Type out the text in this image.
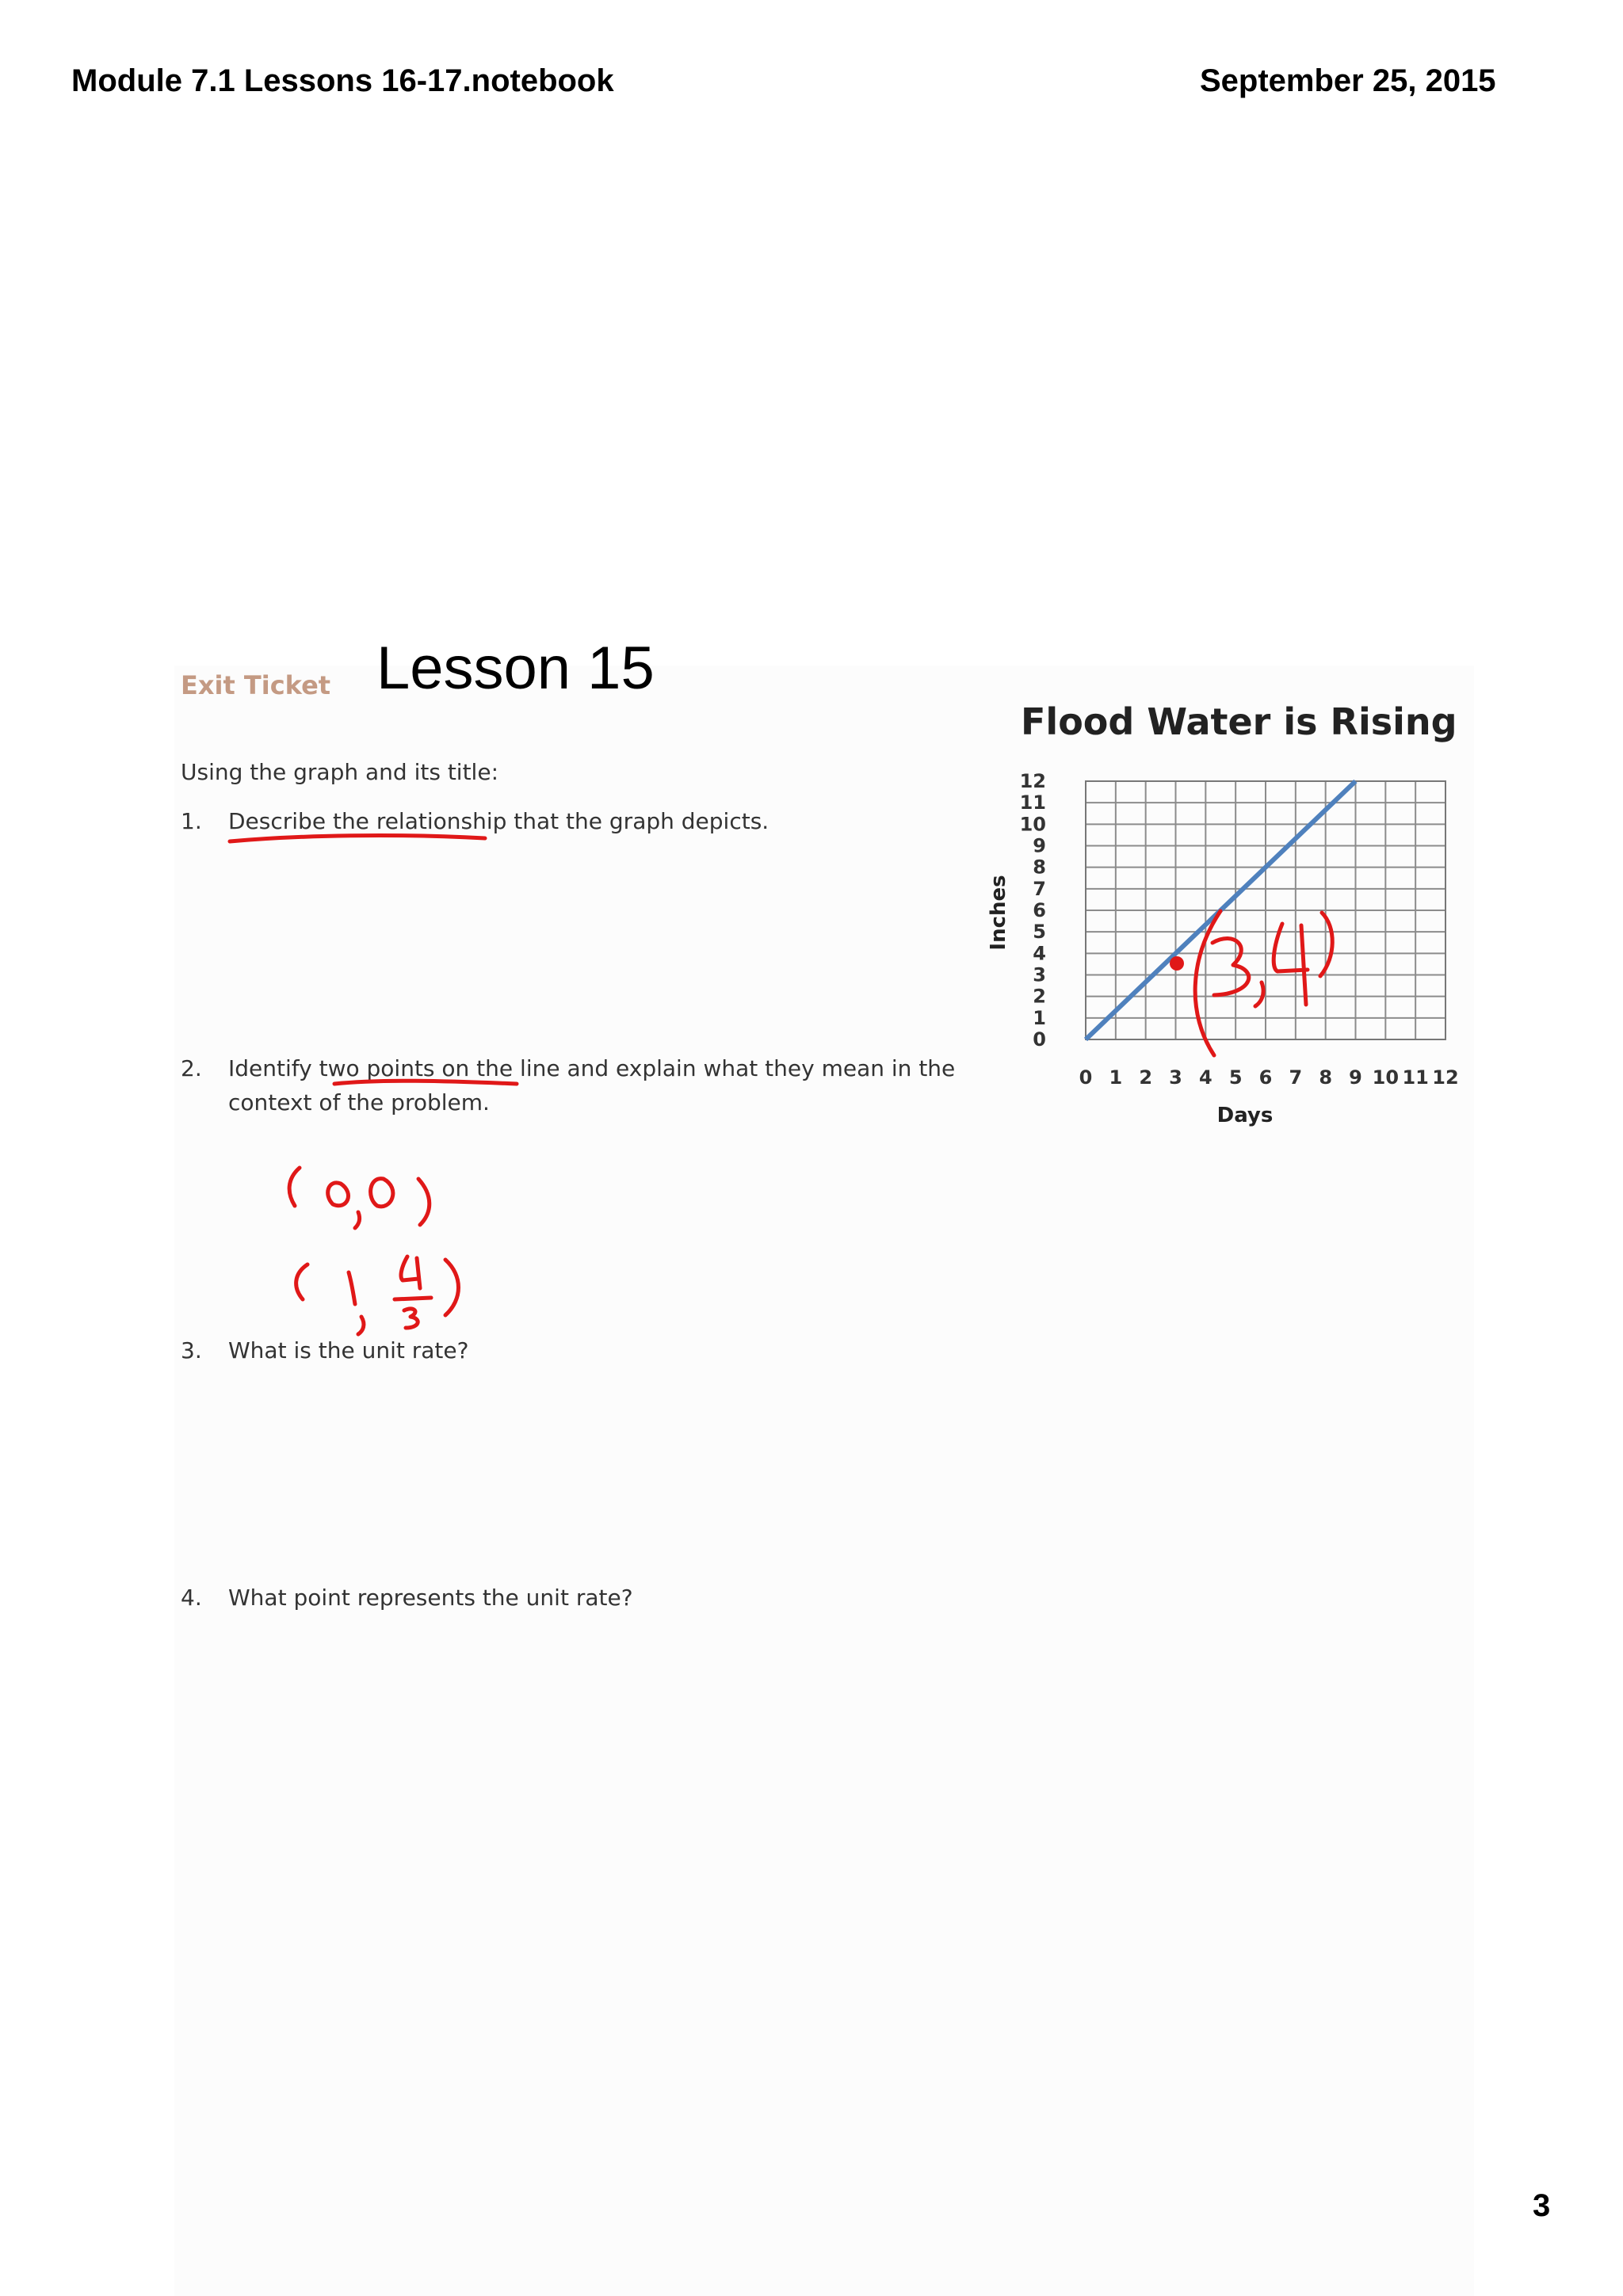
Module 7.1 Lessons 16-17.notebook	September 25, 2015
Exit Ticket Lesson 15
Using the graph and its title:
1. Describe the relationship that the graph depicts.
2. Identify two points on the line and explain what they mean in the
context of the problem.
3. What is the unit rate?
4. What point represents the unit rate?
Flood Water is Rising
0 1 2 3 4 5 6 7 8 9 10 11 12
0
1
2
3
4
5
6
7
8
9
10
11
12
Days
Inches
3
